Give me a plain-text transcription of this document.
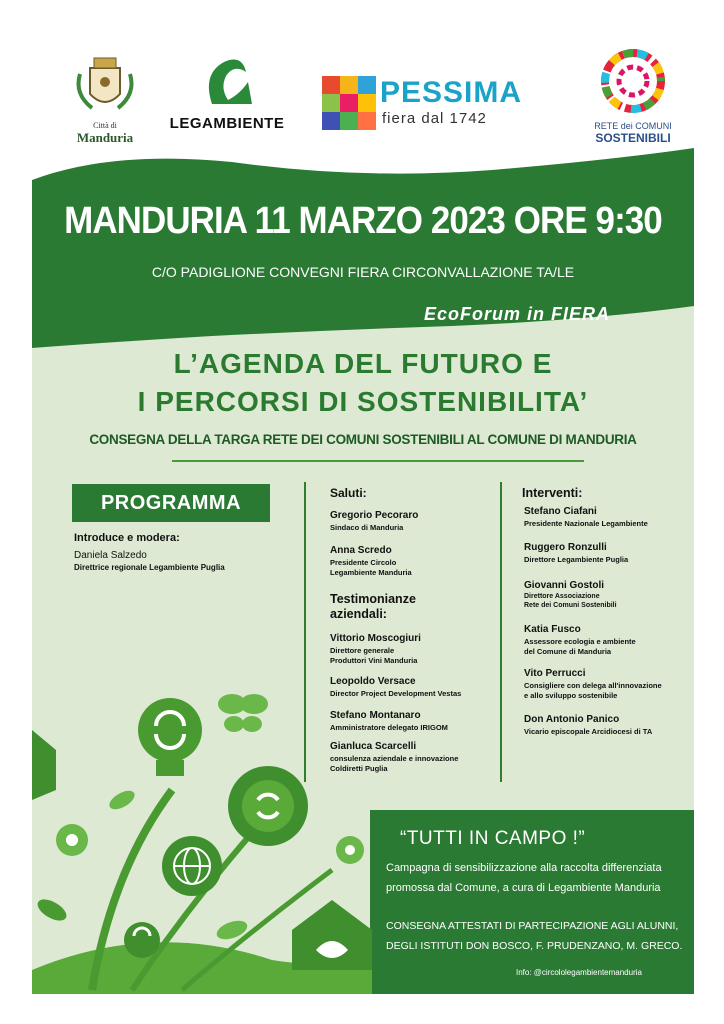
Città di
Manduria
LEGAMBIENTE
PESSIMA
fiera dal 1742	RETE dei COMUNI
SOSTENIBILI
MANDURIA 11 MARZO 2023 ORE 9:30
C/O PADIGLIONE CONVEGNI FIERA CIRCONVALLAZIONE TA/LE
EcoForum in FIERA
L’AGENDA DEL FUTURO E
I PERCORSI DI SOSTENIBILITA’
CONSEGNA DELLA TARGA RETE DEI COMUNI SOSTENIBILI AL COMUNE DI MANDURIA
PROGRAMMA
Introduce e modera:
Daniela Salzedo
Direttrice regionale Legambiente Puglia
Saluti:
Gregorio Pecoraro
Sindaco di Manduria
Anna Scredo
Presidente Circolo
Legambiente Manduria
Testimonianze
aziendali:
Vittorio Moscogiuri
Direttore generale
Produttori Vini Manduria
Leopoldo Versace
Director Project Development Vestas
Stefano Montanaro
Amministratore delegato IRIGOM
Gianluca Scarcelli
consulenza aziendale e innovazione
Coldiretti Puglia
Interventi:
Stefano Ciafani
Presidente Nazionale Legambiente
Ruggero Ronzulli
Direttore Legambiente Puglia
Giovanni Gostoli
Direttore Associazione
Rete dei Comuni Sostenibili
Katia Fusco
Assessore ecologia e ambiente
del Comune di Manduria
Vito Perrucci
Consigliere con delega all'innovazione
e allo sviluppo sostenibile
Don Antonio Panico
Vicario episcopale Arcidiocesi di TA
“TUTTI IN CAMPO !”
Campagna di sensibilizzazione alla raccolta differenziata
promossa dal Comune, a cura di Legambiente Manduria
CONSEGNA ATTESTATI DI PARTECIPAZIONE AGLI ALUNNI,
DEGLI ISTITUTI DON BOSCO, F. PRUDENZANO, M. GRECO.
Info: @circololegambientemanduria
